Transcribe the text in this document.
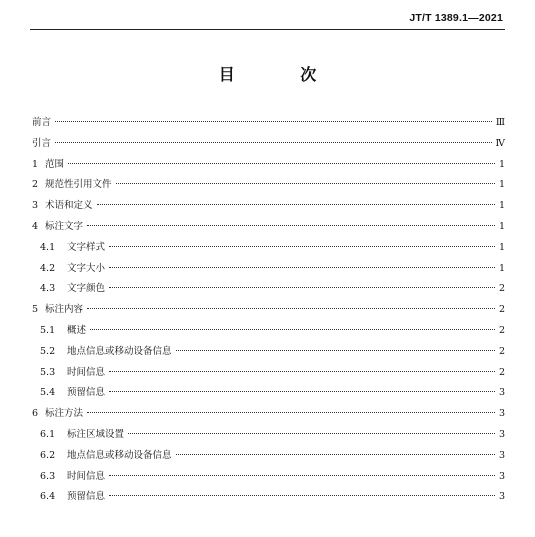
JT/T 1389.1—2021
目 次
前言	Ⅲ
引言	Ⅳ
1 范围	1
2 规范性引用文件	1
3 术语和定义	1
4 标注文字	1
4.1	文字样式	1
4.2	文字大小	1
4.3	文字颜色	2
5 标注内容	2
5.1	概述	2
5.2	地点信息或移动设备信息	2
5.3	时间信息	2
5.4	预留信息	3
6 标注方法	3
6.1	标注区域设置	3
6.2	地点信息或移动设备信息	3
6.3	时间信息	3
6.4	预留信息	3
